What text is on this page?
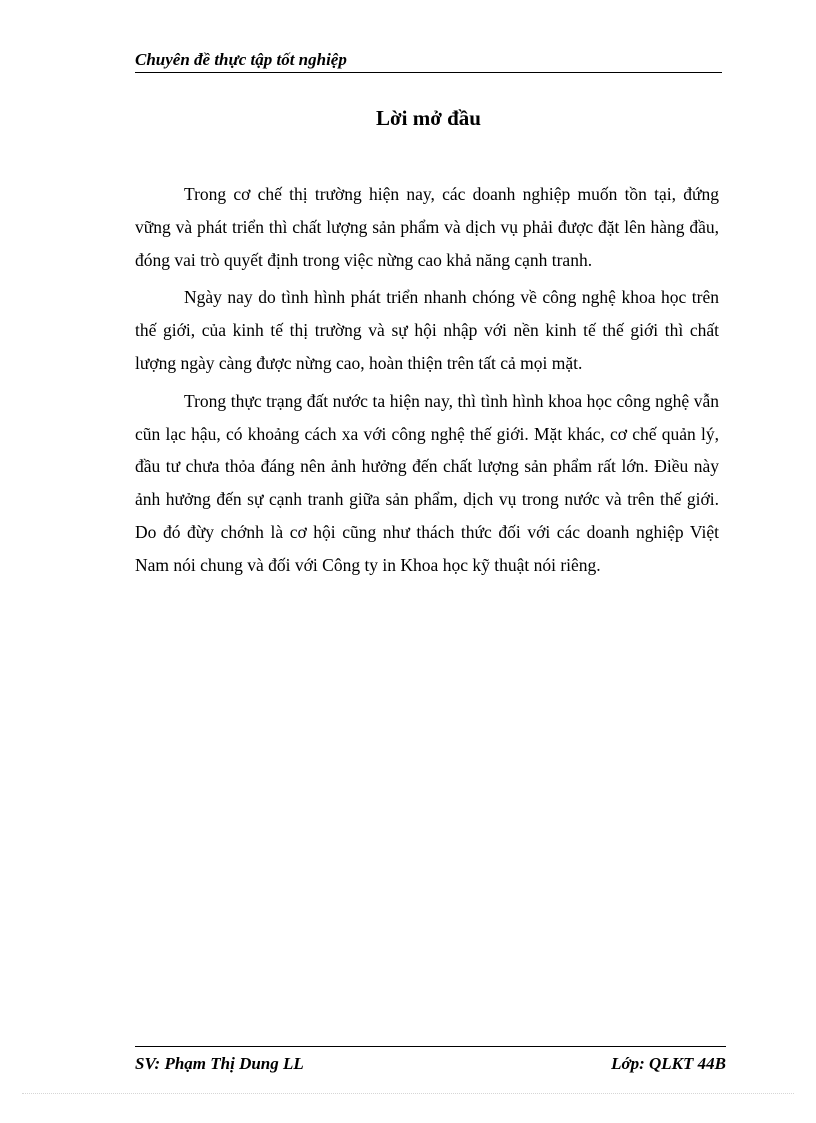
Chuyên đề thực tập tốt nghiệp
Lời mở đầu

Trong cơ chế thị trường hiện nay, các doanh nghiệp muốn tồn tại, đứng vững và phát triển thì chất lượng sản phẩm và dịch vụ phải được đặt lên hàng đầu, đóng vai trò quyết định trong việc nừng cao khả năng cạnh tranh.

Ngày nay do tình hình phát triển nhanh chóng về công nghệ khoa học trên thế giới, của kinh tế thị trường và sự hội nhập với nền kinh tế thế giới thì chất lượng ngày càng được nừng cao, hoàn thiện trên tất cả mọi mặt.

Trong thực trạng đất nước ta hiện nay, thì tình hình khoa học công nghệ vẫn cũn lạc hậu, có khoảng cách xa với công nghệ thế giới. Mặt khác, cơ chế quản lý, đầu tư chưa thỏa đáng nên ảnh hưởng đến chất lượng sản phẩm rất lớn. Điều này ảnh hưởng đến sự cạnh tranh giữa sản phẩm, dịch vụ trong nước và trên thế giới. Do đó đừy chớnh là cơ hội cũng như thách thức đối với các doanh nghiệp Việt Nam nói chung và đối với Công ty in Khoa học kỹ thuật nói riêng.

SV: Phạm Thị Dung LL	Lớp: QLKT 44B
